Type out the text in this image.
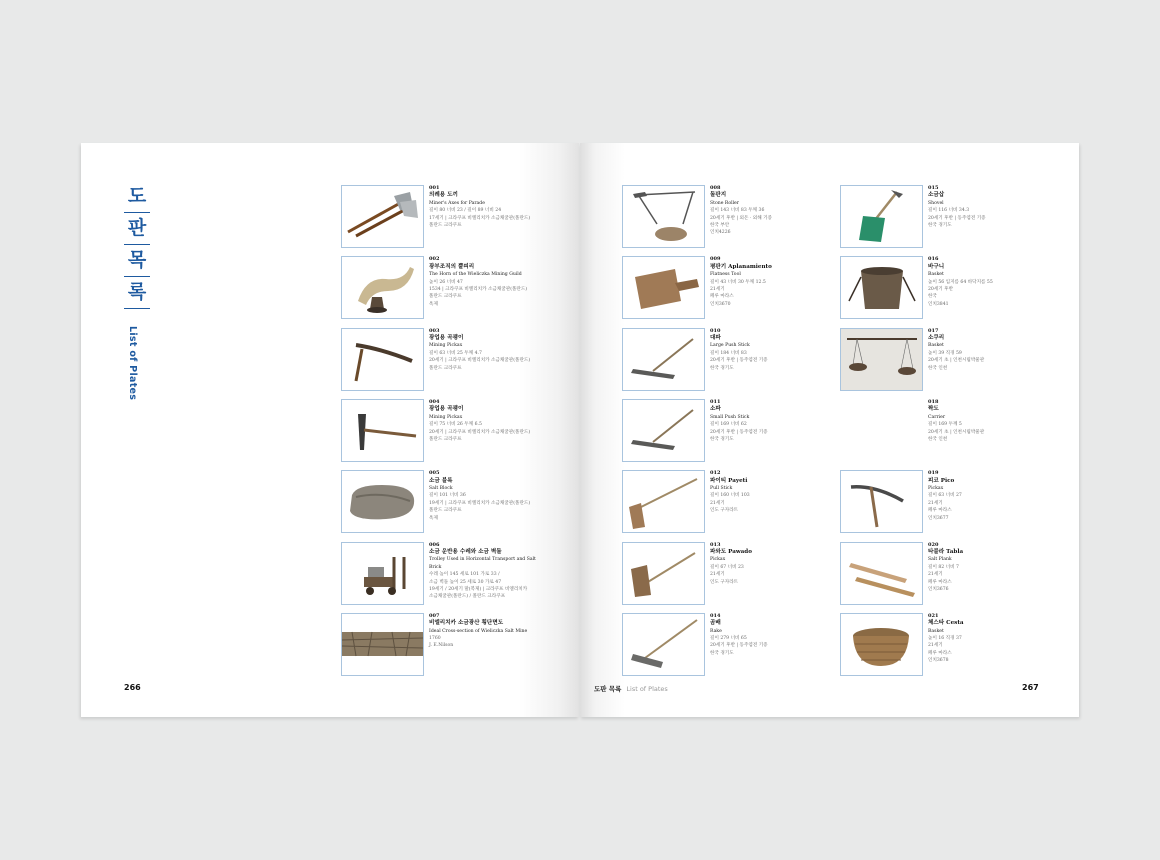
도
판
목
록
List of Plates
266
001
의례용 도끼
Miner's Axes for Parade
길이 80 너비 23 / 길이 89 너비 24
17세기 | 크라쿠프 비엘리치카 소금채굴관(폴란드)
폴란드 크라쿠프
002
광부조직의 뿔피리
The Horn of the Wieliczka Mining Guild
높이 26 너비 47
1534 | 크라쿠프 비엘리치카 소금채굴관(폴란드)
폴란드 크라쿠프
옥제
003
광업용 곡괭이
Mining Pickax
길이 63 너비 25 두께 4.7
20세기 | 크라쿠프 비엘리치카 소금채굴관(폴란드)
폴란드 크라쿠프
004
광업용 곡괭이
Mining Pickax
길이 75 너비 26 두께 6.5
20세기 | 크라쿠프 비엘리치카 소금채굴관(폴란드)
폴란드 크라쿠프
005
소금 블록
Salt Block
길이 101 너비 36
19세기 | 크라쿠프 비엘리치카 소금채굴관(폴란드)
폴란드 크라쿠프
옥제
006
소금 운반용 수레와 소금 벽돌
Trolley Used in Horizontal Transport and Salt Brick
수레 높이 145 세로 101 가로 33 /
소금 벽돌 높이 25 세로 30 가로 47
19세기 / 20세기 말(복제) | 크라쿠프 비엘리치카
소금채굴관(폴란드) / 폴란드 크라쿠프
007
비엘리치카 소금광산 횡단면도
Ideal Cross-section of Wieliczka Salt Mine
1760
J. E.Nilson
008
돌판지
Stone Roller
길이 143 너비 83 두께 36
20세기 후반 | 외돈 · 외해 기증
한국 부안
인치4226
009
평판기 Aplanamiento
Flatness Tool
길이 43 너비 30 두께 12.5
21세기
페루 마라스
인치3670
010
대파
Large Push Stick
길이 184 너비 83
20세기 후반 | 동주염전 기증
한국 경기도
011
소파
Small Push Stick
길이 169 너비 62
20세기 후반 | 동주염전 기증
한국 경기도
012
파이티 Payeti
Pull Stick
길이 160 너비 103
21세기
인도 구자라트
013
파와도 Pawado
Pickax
길이 67 너비 23
21세기
인도 구자라트
014
곰배
Rake
길이 279 너비 65
20세기 후반 | 동주염전 기증
한국 경기도
015
소금삽
Shovel
길이 116 너비 34.3
20세기 후반 | 동주염전 기증
한국 경기도
016
바구니
Basket
높이 56 입지름 64 바닥지름 55
20세기 후반
한국
인치3841
017
소쿠리
Basket
높이 39 직경 59
20세기 초 | 인천시립박물관
한국 인천
018
짝도
Carrier
길이 169 두께 5
20세기 초 | 인천시립박물관
한국 인천
019
피코 Pico
Pickax
길이 63 너비 27
21세기
페루 마라스
인치3677
020
타블라 Tabla
Salt Plank
길이 82 너비 7
21세기
페루 마라스
인치3676
021
체스타 Cesta
Basket
높이 16 직경 37
21세기
페루 마라스
인치3678
도판 목록 List of Plates	267
